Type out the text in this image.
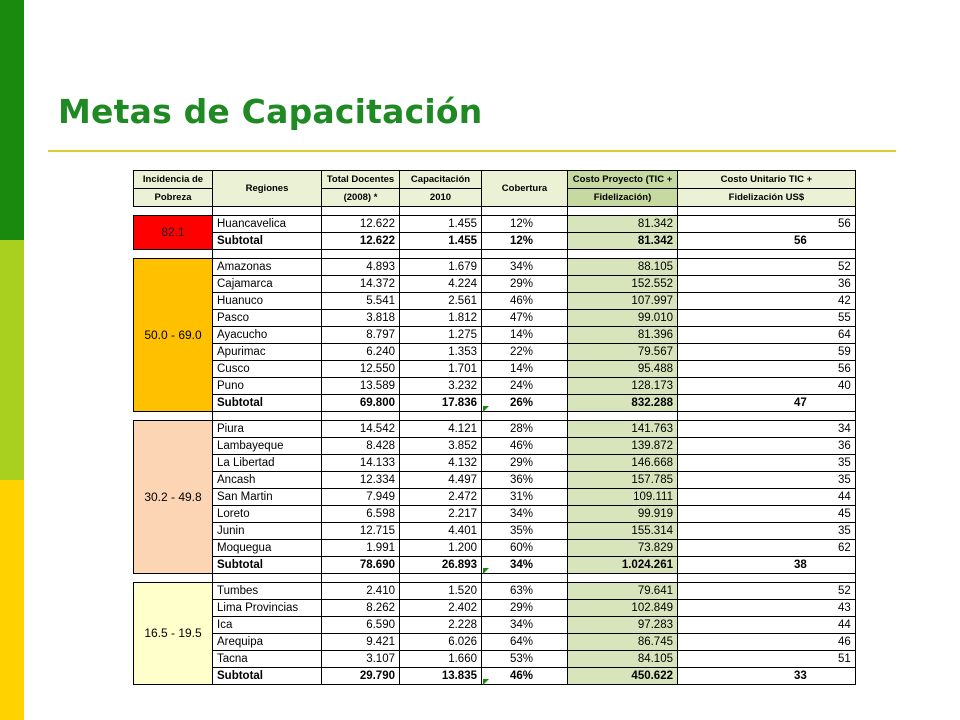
Metas de Capacitación
Incidencia de	Regiones	Total Docentes	Capacitación	Cobertura	Costo Proyecto (TIC +	Costo Unitario TIC +
Pobreza		(2008) *	2010		Fidelización)	Fidelización US$

82.1	Huancavelica	12.622	1.455	12%	81.342	56
	Subtotal	12.622	1.455	12%	81.342	56

50.0 - 69.0	Amazonas	4.893	1.679	34%	88.105	52
	Cajamarca	14.372	4.224	29%	152.552	36
	Huanuco	5.541	2.561	46%	107.997	42
	Pasco	3.818	1.812	47%	99.010	55
	Ayacucho	8.797	1.275	14%	81.396	64
	Apurimac	6.240	1.353	22%	79.567	59
	Cusco	12.550	1.701	14%	95.488	56
	Puno	13.589	3.232	24%	128.173	40
	Subtotal	69.800	17.836	26%	832.288	47

30.2 - 49.8	Piura	14.542	4.121	28%	141.763	34
	Lambayeque	8.428	3.852	46%	139.872	36
	La Libertad	14.133	4.132	29%	146.668	35
	Ancash	12.334	4.497	36%	157.785	35
	San Martin	7.949	2.472	31%	109.111	44
	Loreto	6.598	2.217	34%	99.919	45
	Junin	12.715	4.401	35%	155.314	35
	Moquegua	1.991	1.200	60%	73.829	62
	Subtotal	78.690	26.893	34%	1.024.261	38

16.5 - 19.5	Tumbes	2.410	1.520	63%	79.641	52
	Lima Provincias	8.262	2.402	29%	102.849	43
	Ica	6.590	2.228	34%	97.283	44
	Arequipa	9.421	6.026	64%	86.745	46
	Tacna	3.107	1.660	53%	84.105	51
	Subtotal	29.790	13.835	46%	450.622	33
